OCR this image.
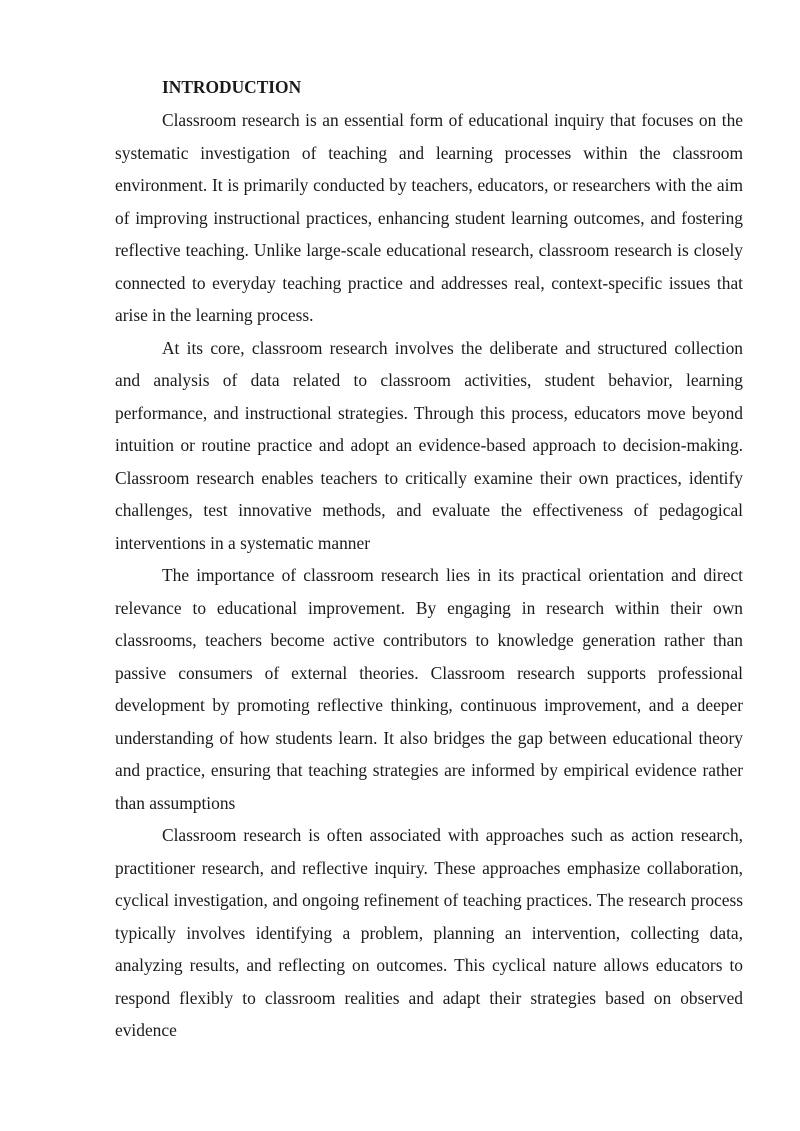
INTRODUCTION

Classroom research is an essential form of educational inquiry that focuses on the systematic investigation of teaching and learning processes within the classroom environment. It is primarily conducted by teachers, educators, or researchers with the aim of improving instructional practices, enhancing student learning outcomes, and fostering reflective teaching. Unlike large-scale educational research, classroom research is closely connected to everyday teaching practice and addresses real, context-specific issues that arise in the learning process.

At its core, classroom research involves the deliberate and structured collection and analysis of data related to classroom activities, student behavior, learning performance, and instructional strategies. Through this process, educators move beyond intuition or routine practice and adopt an evidence-based approach to decision-making. Classroom research enables teachers to critically examine their own practices, identify challenges, test innovative methods, and evaluate the effectiveness of pedagogical interventions in a systematic manner

The importance of classroom research lies in its practical orientation and direct relevance to educational improvement. By engaging in research within their own classrooms, teachers become active contributors to knowledge generation rather than passive consumers of external theories. Classroom research supports professional development by promoting reflective thinking, continuous improvement, and a deeper understanding of how students learn. It also bridges the gap between educational theory and practice, ensuring that teaching strategies are informed by empirical evidence rather than assumptions

Classroom research is often associated with approaches such as action research, practitioner research, and reflective inquiry. These approaches emphasize collaboration, cyclical investigation, and ongoing refinement of teaching practices. The research process typically involves identifying a problem, planning an intervention, collecting data, analyzing results, and reflecting on outcomes. This cyclical nature allows educators to respond flexibly to classroom realities and adapt their strategies based on observed evidence
